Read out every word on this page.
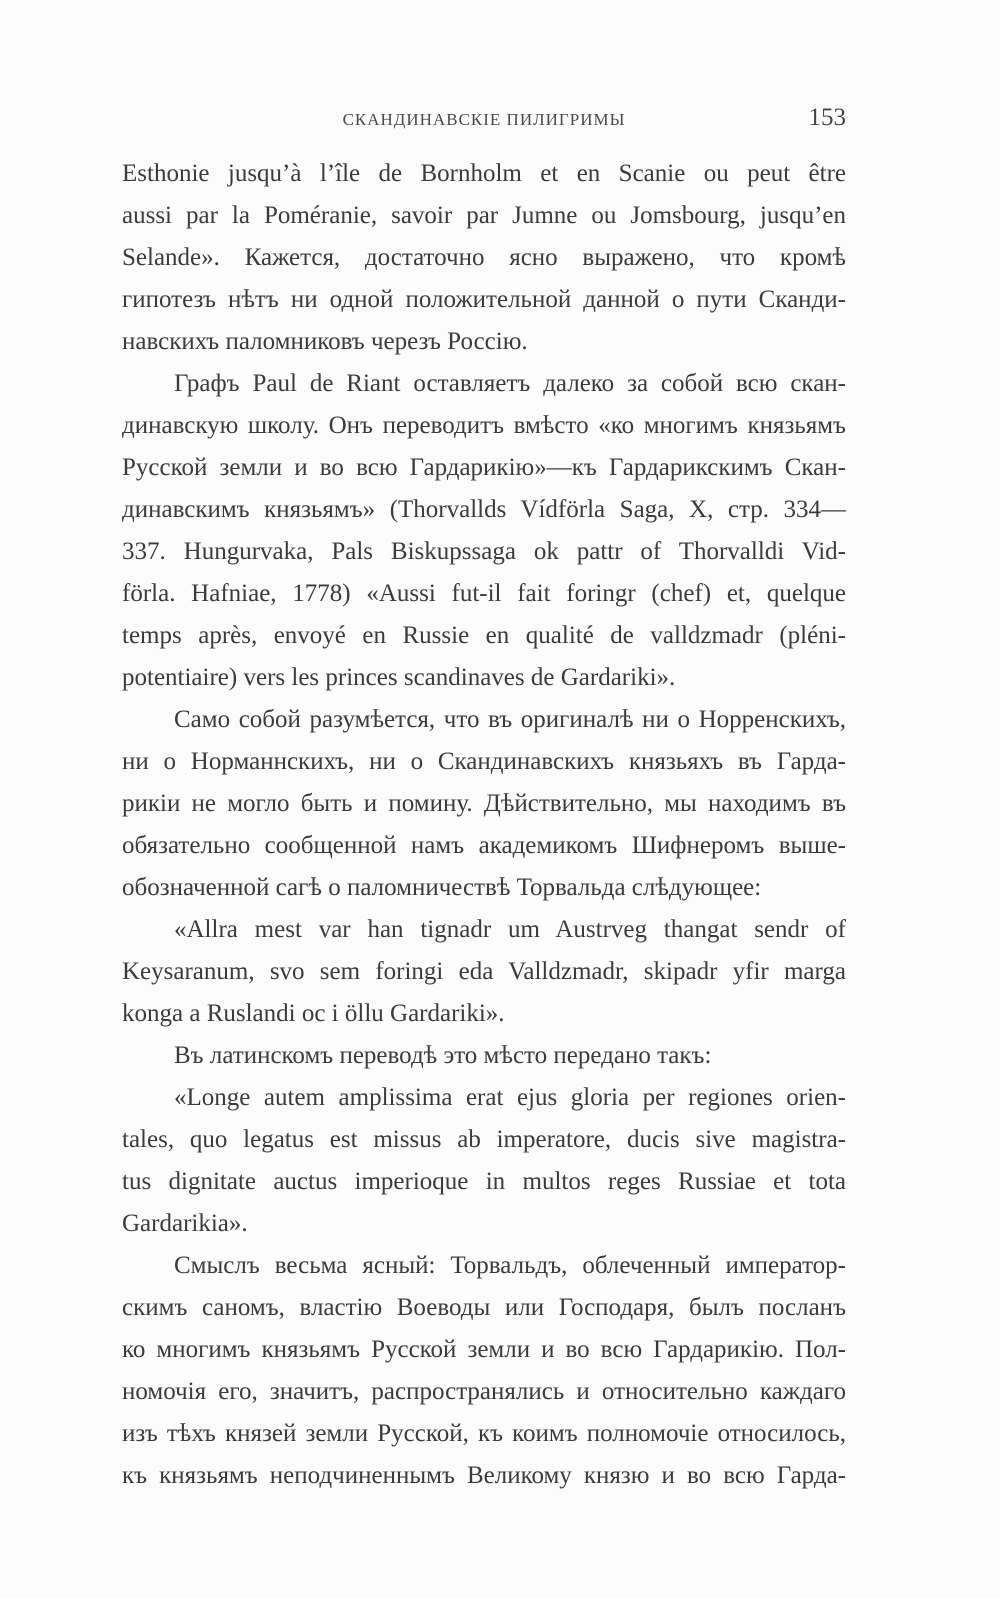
СКАНДИНАВСКІЕ ПИЛИГРИМЫ	153
Esthonie jusqu’à l’île de Bornholm et en Scanie ou peut être
aussi par la Poméranie, savoir par Jumne ou Jomsbourg, jusqu’en
Selande». Кажется, достаточно ясно выражено, что кромѣ
гипотезъ нѣтъ ни одной положительной данной о пути Сканди-
навскихъ паломниковъ черезъ Россію.
Графъ Paul de Riant оставляетъ далеко за собой всю скан-
динавскую школу. Онъ переводитъ вмѣсто «ко многимъ князьямъ
Русской земли и во всю Гардарикію»—къ Гардарикскимъ Скан-
динавскимъ князьямъ» (Thorvallds Vídförla Saga, X, стр. 334—
337. Hungurvaka, Pals Biskupssaga ok pattr of Thorvalldi Vid-
förla. Hafniae, 1778) «Aussi fut-il fait foringr (chef) et, quelque
temps après, envoyé en Russie en qualité de valldzmadr (pléni-
potentiaire) vers les princes scandinaves de Gardariki».
Само собой разумѣется, что въ оригиналѣ ни о Норренскихъ,
ни о Норманнскихъ, ни о Скандинавскихъ князьяхъ въ Гарда-
рикіи не могло быть и помину. Дѣйствительно, мы находимъ въ
обязательно сообщенной намъ академикомъ Шифнеромъ выше-
обозначенной сагѣ о паломничествѣ Торвальда слѣдующее:
«Allra mest var han tignadr um Austrveg thangat sendr of
Keysaranum, svo sem foringi eda Valldzmadr, skipadr yfir marga
konga a Ruslandi oc i öllu Gardariki».
Въ латинскомъ переводѣ это мѣсто передано такъ:
«Longe autem amplissima erat ejus gloria per regiones orien-
tales, quo legatus est missus ab imperatore, ducis sive magistra-
tus dignitate auctus imperioque in multos reges Russiae et tota
Gardarikia».
Смыслъ весьма ясный: Торвальдъ, облеченный император-
скимъ саномъ, властію Воеводы или Господаря, былъ посланъ
ко многимъ князьямъ Русской земли и во всю Гардарикію. Пол-
номочія его, значитъ, распространялись и относительно каждаго
изъ тѣхъ князей земли Русской, къ коимъ полномочіе относилось,
къ князьямъ неподчиненнымъ Великому князю и во всю Гарда-
